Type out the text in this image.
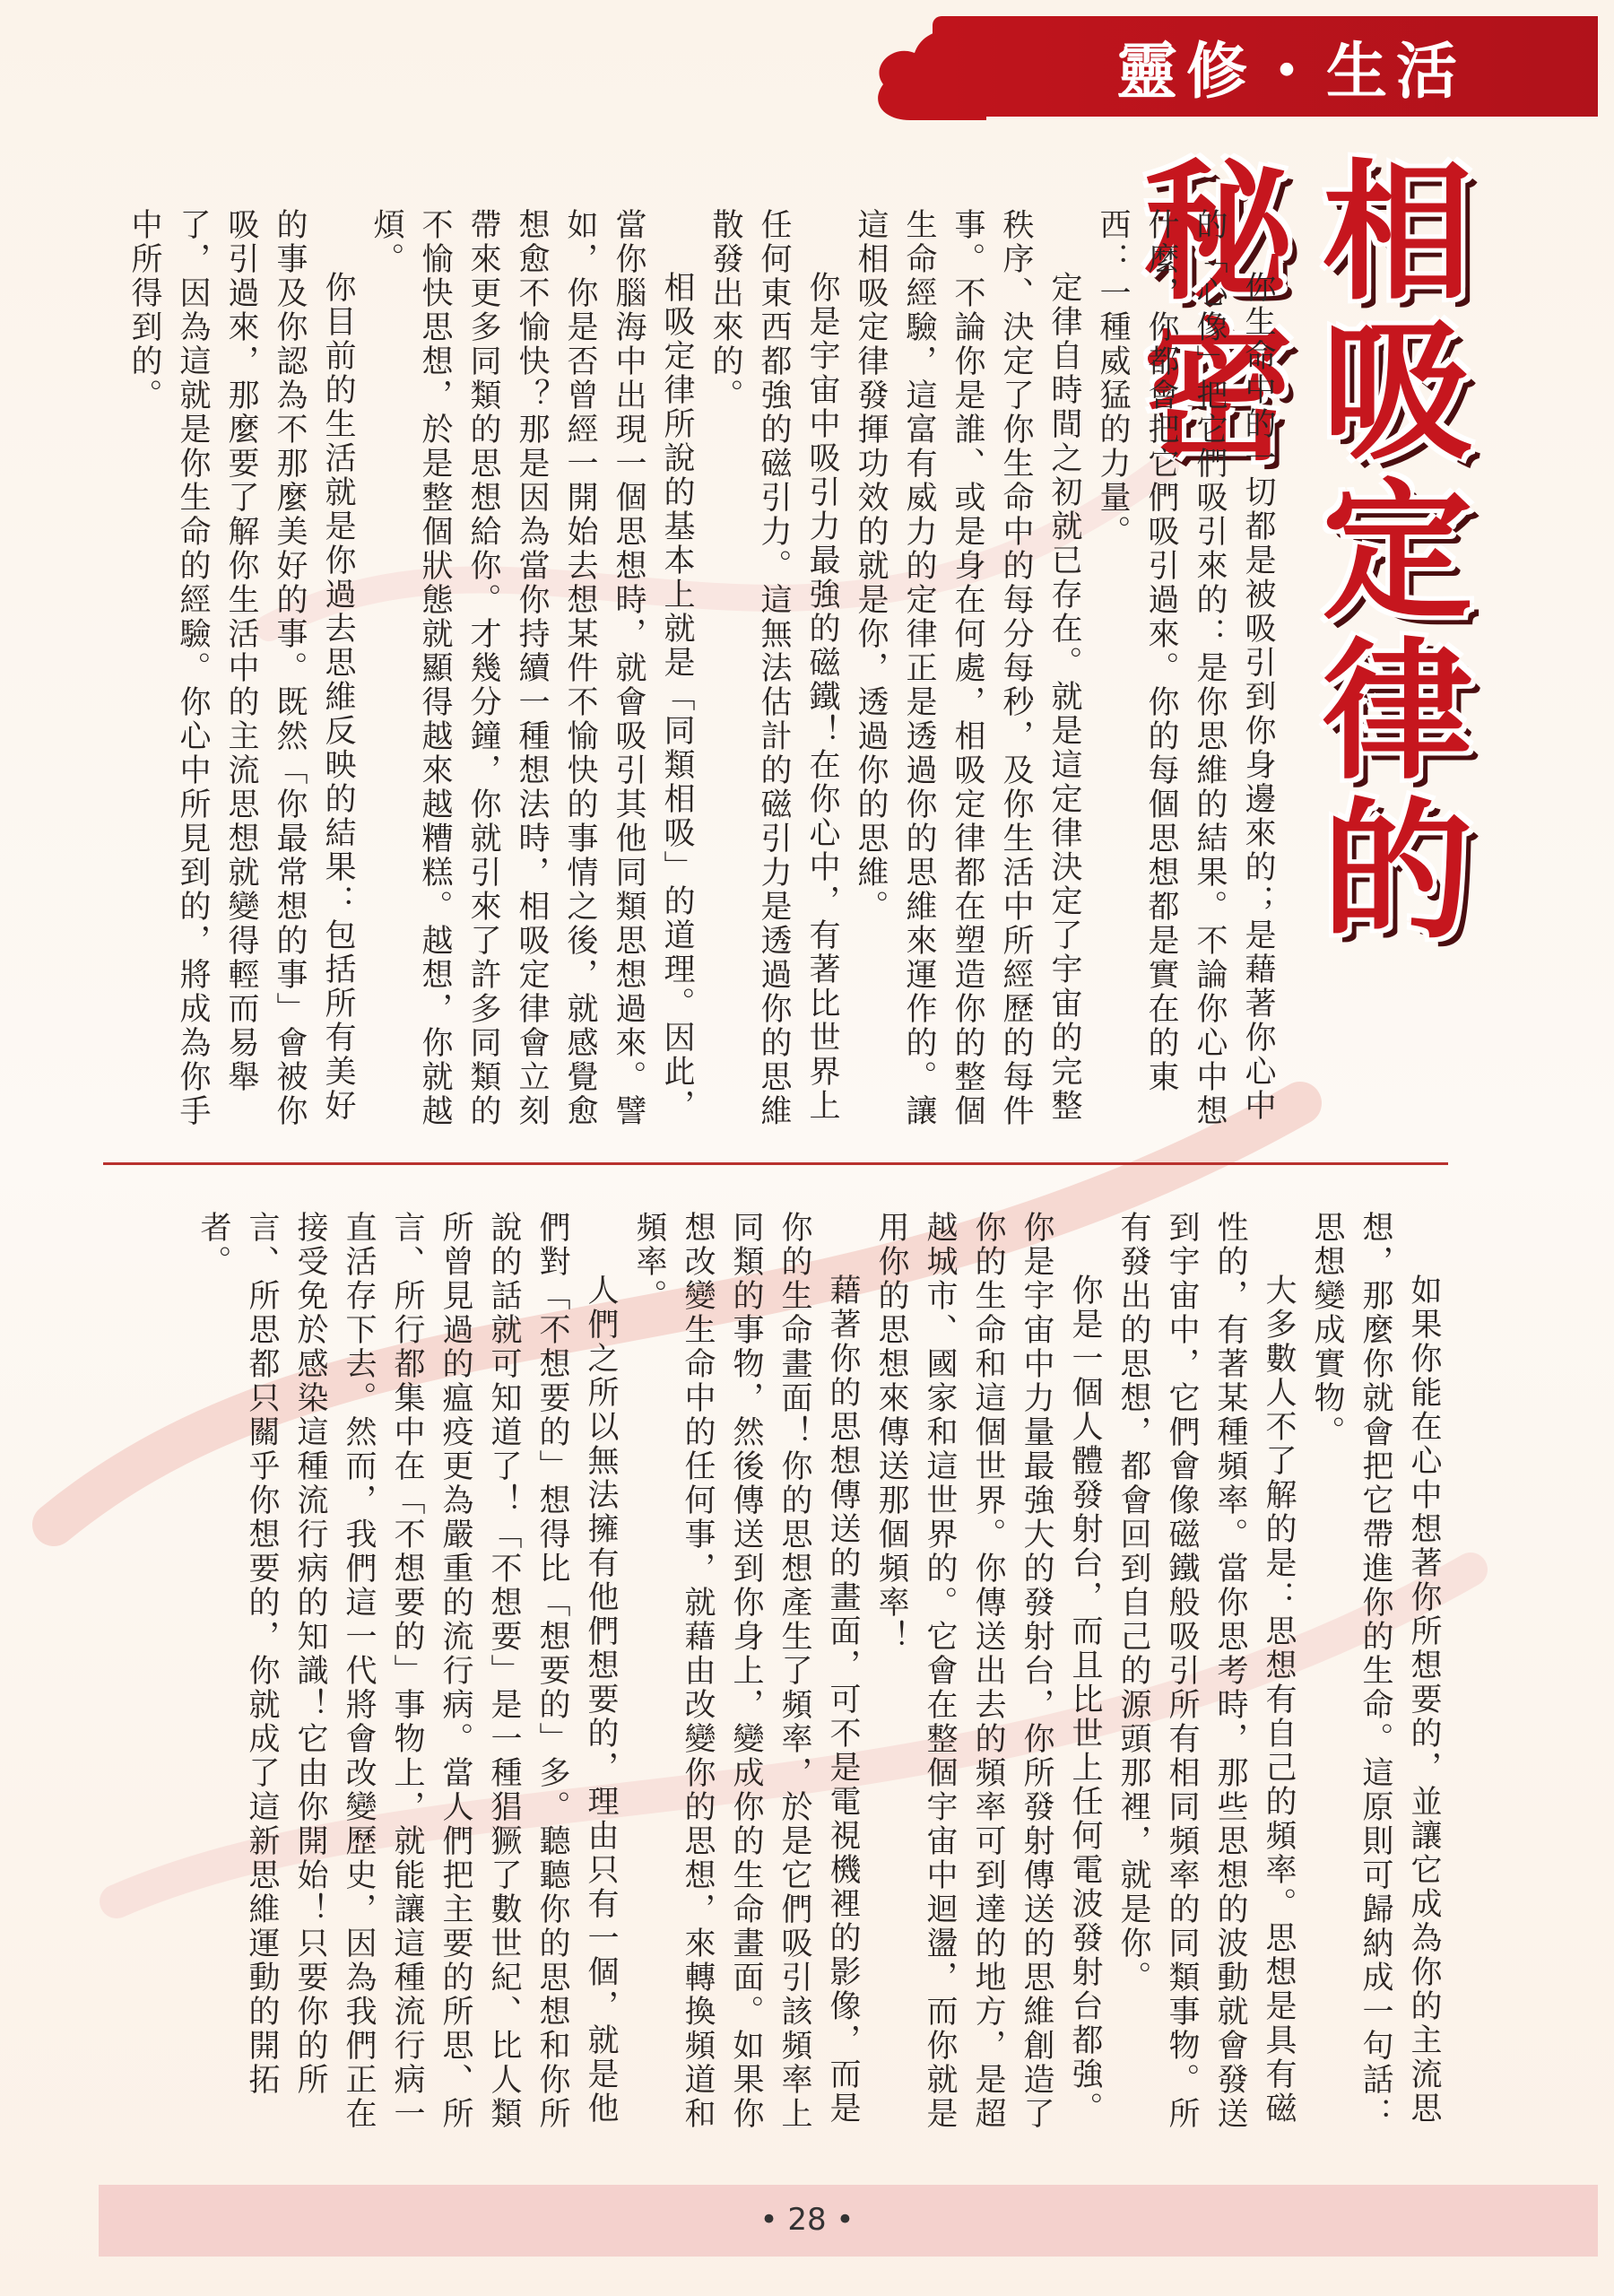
靈修・生活
相吸定律的秘密

你生命中的一切都是被吸引到你身邊來的；是藉著你心中的「心像」把它們吸引來的：是你思維的結果。不論你心中想什麼，你都會把它們吸引過來。你的每個思想都是實在的東西：一種威猛的力量。

定律自時間之初就已存在。就是這定律決定了宇宙的完整秩序、決定了你生命中的每分每秒，及你生活中所經歷的每件事。不論你是誰、或是身在何處，相吸定律都在塑造你的整個生命經驗，這富有威力的定律正是透過你的思維來運作的。讓這相吸定律發揮功效的就是你，透過你的思維。

你是宇宙中吸引力最強的磁鐵！在你心中，有著比世界上任何東西都強的磁引力。這無法估計的磁引力是透過你的思維散發出來的。

相吸定律所說的基本上就是「同類相吸」的道理。因此，當你腦海中出現一個思想時，就會吸引其他同類思想過來。譬如，你是否曾經一開始去想某件不愉快的事情之後，就感覺愈想愈不愉快？那是因為當你持續一種想法時，相吸定律會立刻帶來更多同類的思想給你。才幾分鐘，你就引來了許多同類的不愉快思想，於是整個狀態就顯得越來越糟糕。越想，你就越煩。

你目前的生活就是你過去思維反映的結果：包括所有美好的事及你認為不那麼美好的事。既然「你最常想的事」會被你吸引過來，那麼要了解你生活中的主流思想就變得輕而易舉了，因為這就是你生命的經驗。你心中所見到的，將成為你手中所得到的。

如果你能在心中想著你所想要的，並讓它成為你的主流思想，那麼你就會把它帶進你的生命。這原則可歸納成一句話：思想變成實物。

大多數人不了解的是：思想有自己的頻率。思想是具有磁性的，有著某種頻率。當你思考時，那些思想的波動就會發送到宇宙中，它們會像磁鐵般吸引所有相同頻率的同類事物。所有發出的思想，都會回到自己的源頭那裡，就是你。

你是一個人體發射台，而且比世上任何電波發射台都強。你是宇宙中力量最強大的發射台，你所發射傳送的思維創造了你的生命和這個世界。你傳送出去的頻率可到達的地方，是超越城市、國家和這世界的。它會在整個宇宙中迴盪，而你就是用你的思想來傳送那個頻率！

藉著你的思想傳送的畫面，可不是電視機裡的影像，而是你的生命畫面！你的思想產生了頻率，於是它們吸引該頻率上同類的事物，然後傳送到你身上，變成你的生命畫面。如果你想改變生命中的任何事，就藉由改變你的思想，來轉換頻道和頻率。

人們之所以無法擁有他們想要的，理由只有一個，就是他們對「不想要的」想得比「想要的」多。聽聽你的思想和你所說的話就可知道了！「不想要」是一種猖獗了數世紀、比人類所曾見過的瘟疫更為嚴重的流行病。當人們把主要的所思、所言、所行都集中在「不想要的」事物上，就能讓這種流行病一直活存下去。然而，我們這一代將會改變歷史，因為我們正在接受免於感染這種流行病的知識！它由你開始！只要你的所言、所思都只關乎你想要的，你就成了這新思維運動的開拓者。

• 28 •
